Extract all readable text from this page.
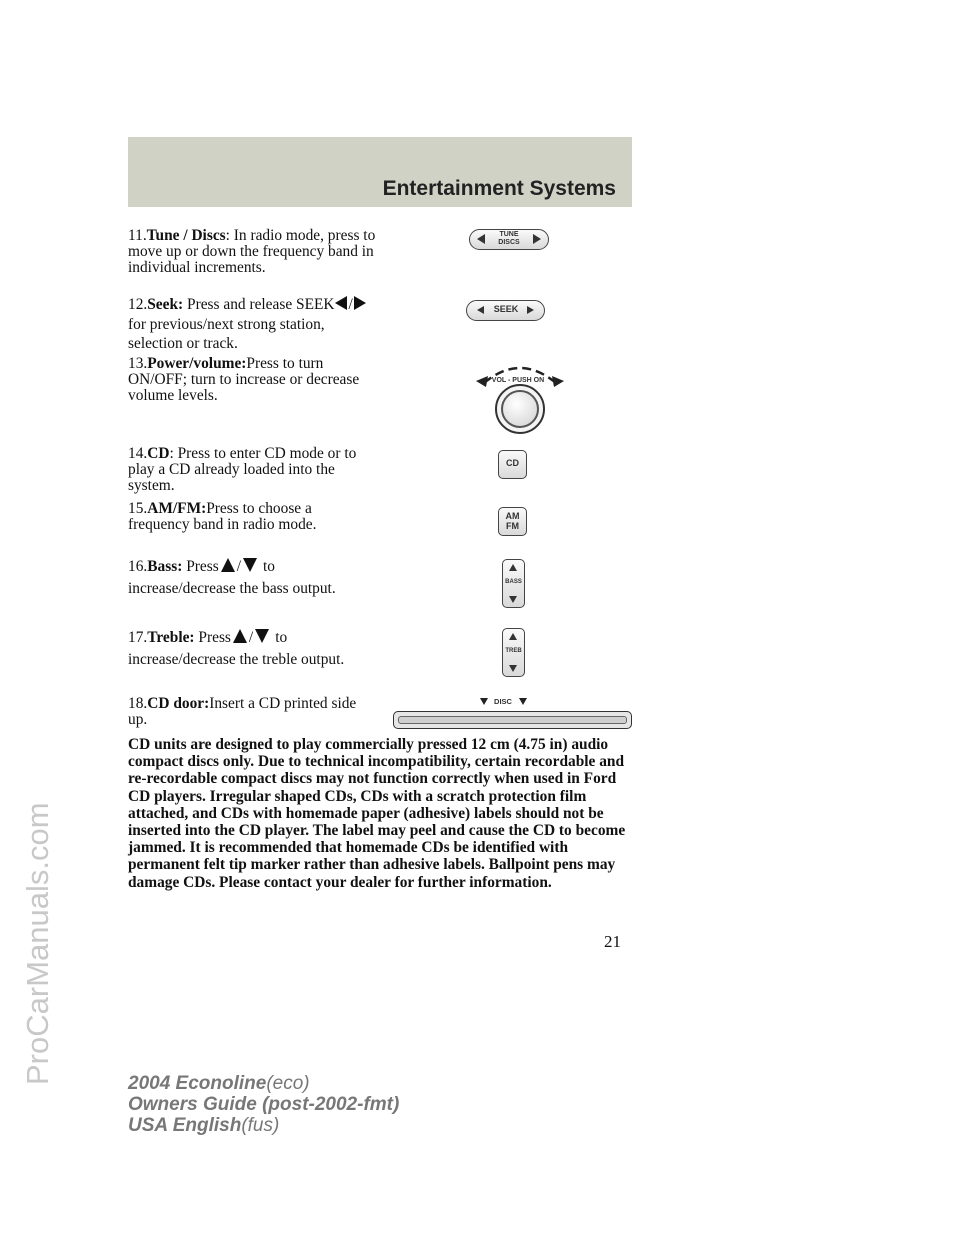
Entertainment Systems
11.Tune / Discs: In radio mode, press to move up or down the frequency band in individual increments.
12.Seek: Press and release SEEK /for previous/next strong station, selection or track.
13.Power/volume:Press to turn ON/OFF; turn to increase or decrease volume levels.
14.CD: Press to enter CD mode or to play a CD already loaded into the system.
15.AM/FM:Press to choose a frequency band in radio mode.
16.Bass: Press / to increase/decrease the bass output.
17.Treble: Press / to increase/decrease the treble output.
18.CD door:Insert a CD printed side up.
TUNE
DISCS
SEEK
VOL - PUSH ON
CD
AM
FM
BASS
TREB
DISC
CD units are designed to play commercially pressed 12 cm (4.75 in) audio compact discs only. Due to technical incompatibility, certain recordable and re-recordable compact discs may not function correctly when used in Ford CD players. Irregular shaped CDs, CDs with a scratch protection film attached, and CDs with homemade paper (adhesive) labels should not be inserted into the CD player. The label may peel and cause the CD to become jammed. It is recommended that homemade CDs be identified with permanent felt tip marker rather than adhesive labels. Ballpoint pens may damage CDs. Please contact your dealer for further information.
21
2004 Econoline(eco)
Owners Guide (post-2002-fmt)
USA English(fus)
ProCarManuals.com
